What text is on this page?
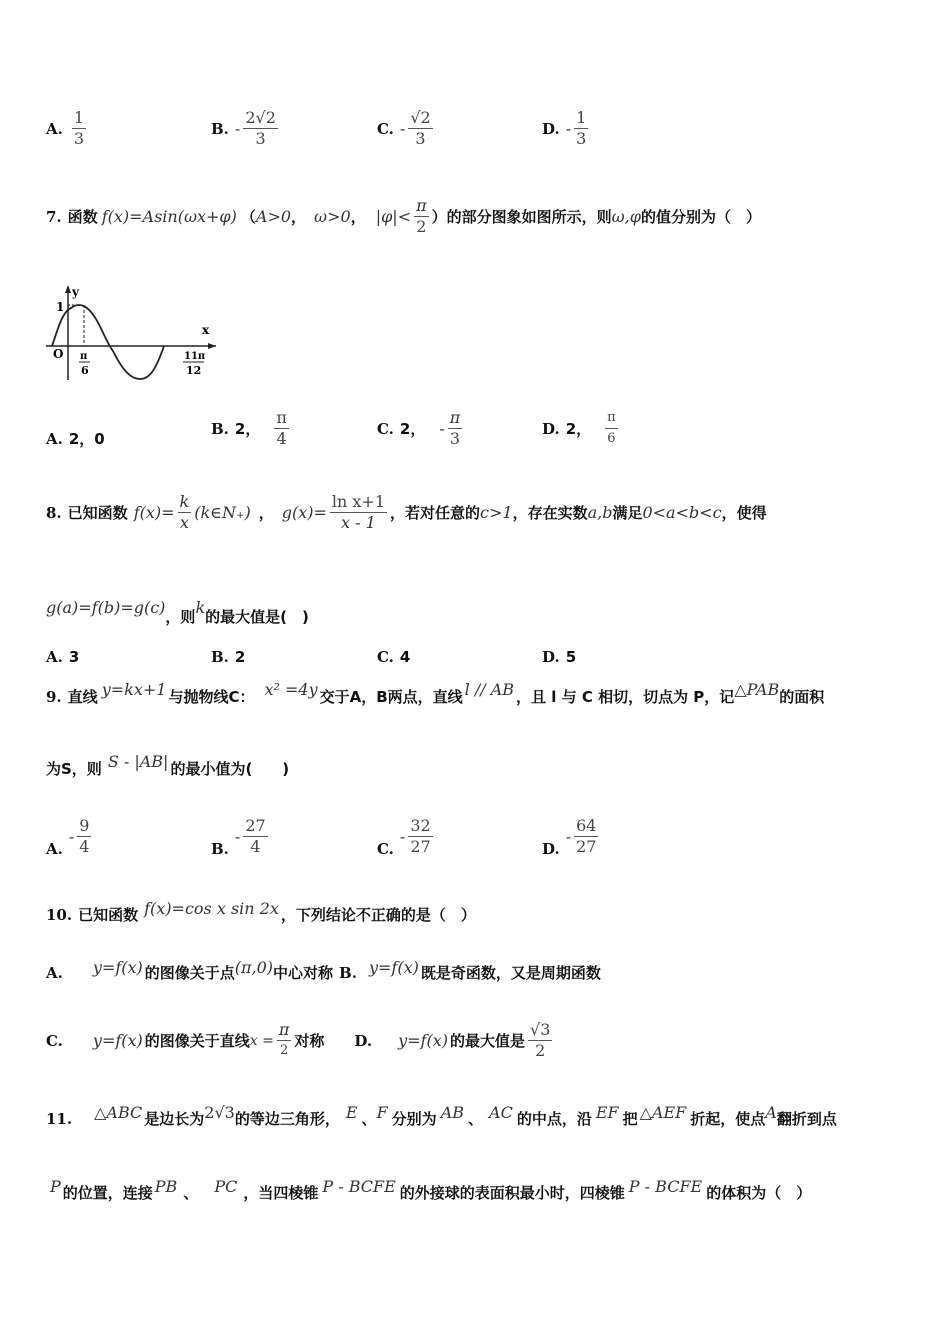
A. $\frac{1}{3}$	B. - $\frac{2√2}{3}$	C. - $\frac{√2}{3}$	D. - $\frac{1}{3}$
7. 函数 f(x)=Asin(ωx+φ) （ A>0 ， ω>0 ， $|\varphi|< \frac{\pi}{2}$ ）的部分图象如图所示，则 ω,φ 的值分别为（　）
y
x
1
O π
6
11π
12
A. 2，0
B. 2， $\frac{\pi}{4}$	C. 2， - $\frac{\pi}{3}$	D. 2， $\frac{\pi}{6}$
8. 已知函数 $f(x)= \frac{k}{x}$ (k∈N₊) ， $g(x)= \frac{\text{ln x+1}}{x - 1}$ ，若对任意的 c>1 ，存在实数 a,b 满足 0<a<b<c ，使得
g(a)=f(b)=g(c) ，则 k 的最大值是(　)
A. 3	B. 2	C. 4	D. 5
9. 直线 y=kx+1 与抛物线C： x² =4y 交于A，B两点，直线 l // AB ，且 l 与 C 相切，切点为 P，记 △PAB 的面积
为S，则 S - |AB| 的最小值为(　　)
A.
- $\frac{9}{4}$	B.
- $\frac{27}{4}$	C.
- $\frac{32}{27}$	D.
- $\frac{64}{27}$
10. 已知函数 f(x)=cos x sin 2x ，下列结论不正确的是（　）
A. y=f(x) 的图像关于点 (π,0) 中心对称 B. y=f(x) 既是奇函数，又是周期函数
C. y=f(x) 的图像关于直线 x =
π
2
对称 D. y=f(x) 的最大值是 $\frac{√3}{2}$
11. △ABC 是边长为 2√3 的等边三角形， E 、 F 分别为 AB 、 AC 的中点，沿 EF 把 △AEF 折起，使点 A 翻折到点
P 的位置，连接 PB 、 PC ，当四棱锥 P - BCFE 的外接球的表面积最小时，四棱锥 P - BCFE 的体积为（　）
